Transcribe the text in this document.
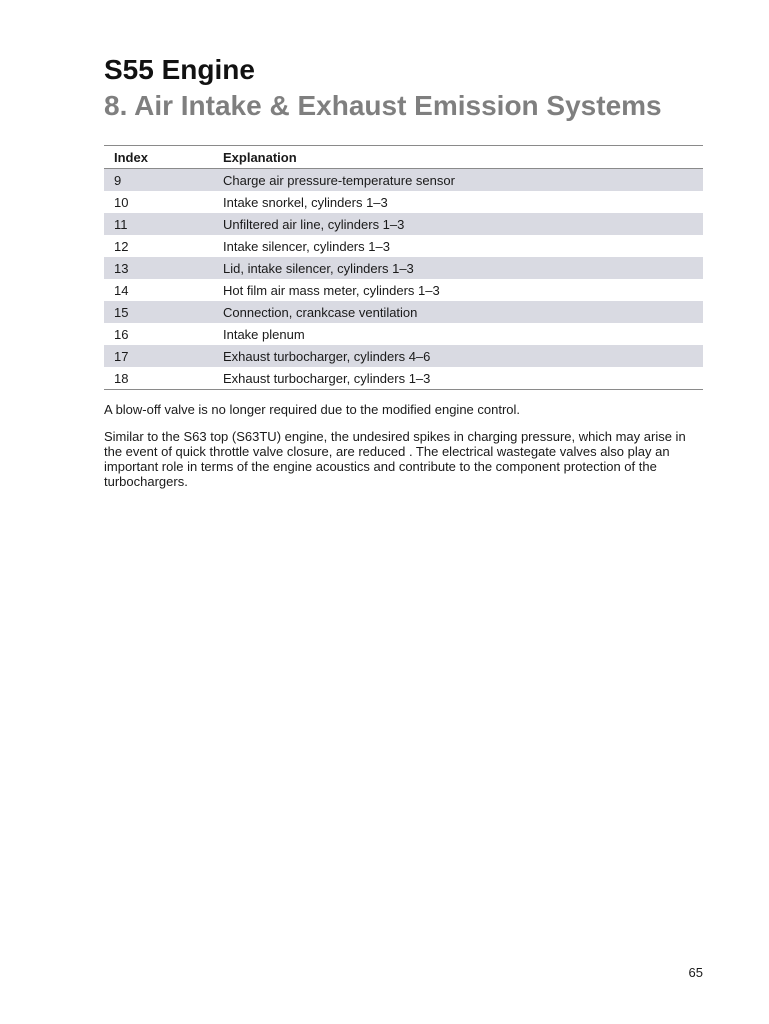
S55 Engine
8. Air Intake & Exhaust Emission Systems
Index	Explanation
9	Charge air pressure-temperature sensor
10	Intake snorkel, cylinders 1–3
11	Unfiltered air line, cylinders 1–3
12	Intake silencer, cylinders 1–3
13	Lid, intake silencer, cylinders 1–3
14	Hot film air mass meter, cylinders 1–3
15	Connection, crankcase ventilation
16	Intake plenum
17	Exhaust turbocharger, cylinders 4–6
18	Exhaust turbocharger, cylinders 1–3

A blow-off valve is no longer required due to the modified engine control.

Similar to the S63 top (S63TU) engine, the undesired spikes in charging pressure, which may arise in the event of quick throttle valve closure, are reduced . The electrical wastegate valves also play an important role in terms of the engine acoustics and contribute to the component protection of the turbochargers.

65
